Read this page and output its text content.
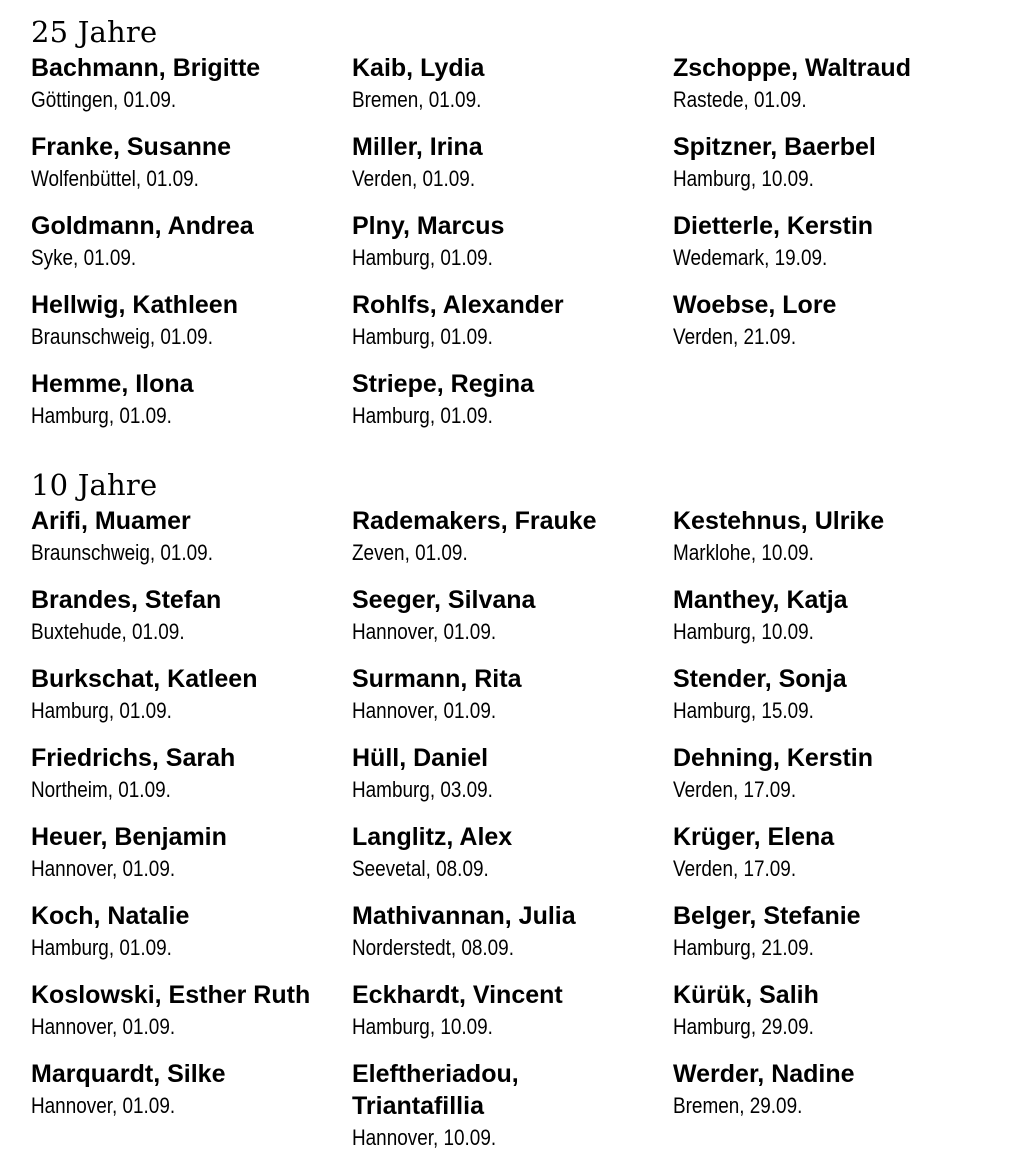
25 Jahre
Bachmann, Brigitte
Göttingen, 01.09.
Franke, Susanne
Wolfenbüttel, 01.09.
Goldmann, Andrea
Syke, 01.09.
Hellwig, Kathleen
Braunschweig, 01.09.
Hemme, Ilona
Hamburg, 01.09.
Kaib, Lydia
Bremen, 01.09.
Miller, Irina
Verden, 01.09.
Plny, Marcus
Hamburg, 01.09.
Rohlfs, Alexander
Hamburg, 01.09.
Striepe, Regina
Hamburg, 01.09.
Zschoppe, Waltraud
Rastede, 01.09.
Spitzner, Baerbel
Hamburg, 10.09.
Dietterle, Kerstin
Wedemark, 19.09.
Woebse, Lore
Verden, 21.09.
10 Jahre
Arifi, Muamer
Braunschweig, 01.09.
Brandes, Stefan
Buxtehude, 01.09.
Burkschat, Katleen
Hamburg, 01.09.
Friedrichs, Sarah
Northeim, 01.09.
Heuer, Benjamin
Hannover, 01.09.
Koch, Natalie
Hamburg, 01.09.
Koslowski, Esther Ruth
Hannover, 01.09.
Marquardt, Silke
Hannover, 01.09.
Rademakers, Frauke
Zeven, 01.09.
Seeger, Silvana
Hannover, 01.09.
Surmann, Rita
Hannover, 01.09.
Hüll, Daniel
Hamburg, 03.09.
Langlitz, Alex
Seevetal, 08.09.
Mathivannan, Julia
Norderstedt, 08.09.
Eckhardt, Vincent
Hamburg, 10.09.
Eleftheriadou, Triantafillia
Hannover, 10.09.
Kestehnus, Ulrike
Marklohe, 10.09.
Manthey, Katja
Hamburg, 10.09.
Stender, Sonja
Hamburg, 15.09.
Dehning, Kerstin
Verden, 17.09.
Krüger, Elena
Verden, 17.09.
Belger, Stefanie
Hamburg, 21.09.
Kürük, Salih
Hamburg, 29.09.
Werder, Nadine
Bremen, 29.09.
